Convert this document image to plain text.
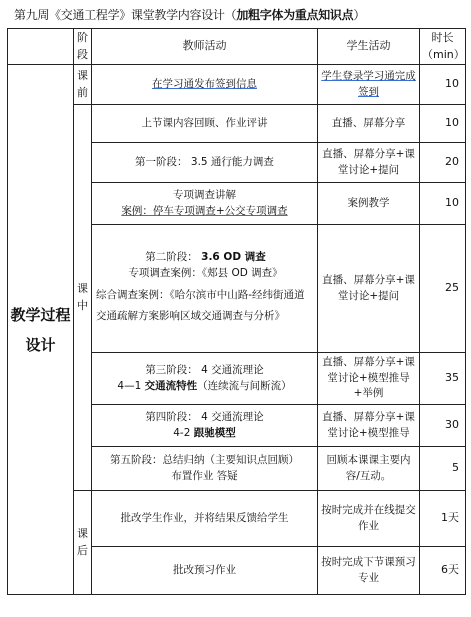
第九周《交通工程学》课堂教学内容设计（加粗字体为重点知识点）
	阶段	教师活动	学生活动	时长（min）
教学过程设计	课前	在学习通发布签到信息	学生登录学习通完成签到	10
	课中	上节课内容回顾、作业评讲	直播、屏幕分享	10
		第一阶段： 3.5 通行能力调查	直播、屏幕分享+课堂讨论+提问	20

		专项调查讲解
案例：停车专项调查+公交专项调查	案例教学	10

		第二阶段： 3.6 OD 调查
专项调查案例：《郏县 OD 调查》
综合调查案例：《哈尔滨市中山路-经纬街通道交通疏解方案影响区域交通调查与分析》	直播、屏幕分享+课堂讨论+提问	25

		第三阶段： 4 交通流理论
4—1 交通流特性（连续流与间断流）	直播、屏幕分享+课堂讨论+模型推导+举例	35

		第四阶段： 4 交通流理论
4-2 跟驰模型	直播、屏幕分享+课堂讨论+模型推导	30

		第五阶段：总结归纳（主要知识点回顾）
布置作业 答疑	回顾本课课主要内容/互动。	5
	课后	批改学生作业，并将结果反馈给学生	按时完成并在线提交作业	1天
		批改预习作业	按时完成下节课预习专业	6天
